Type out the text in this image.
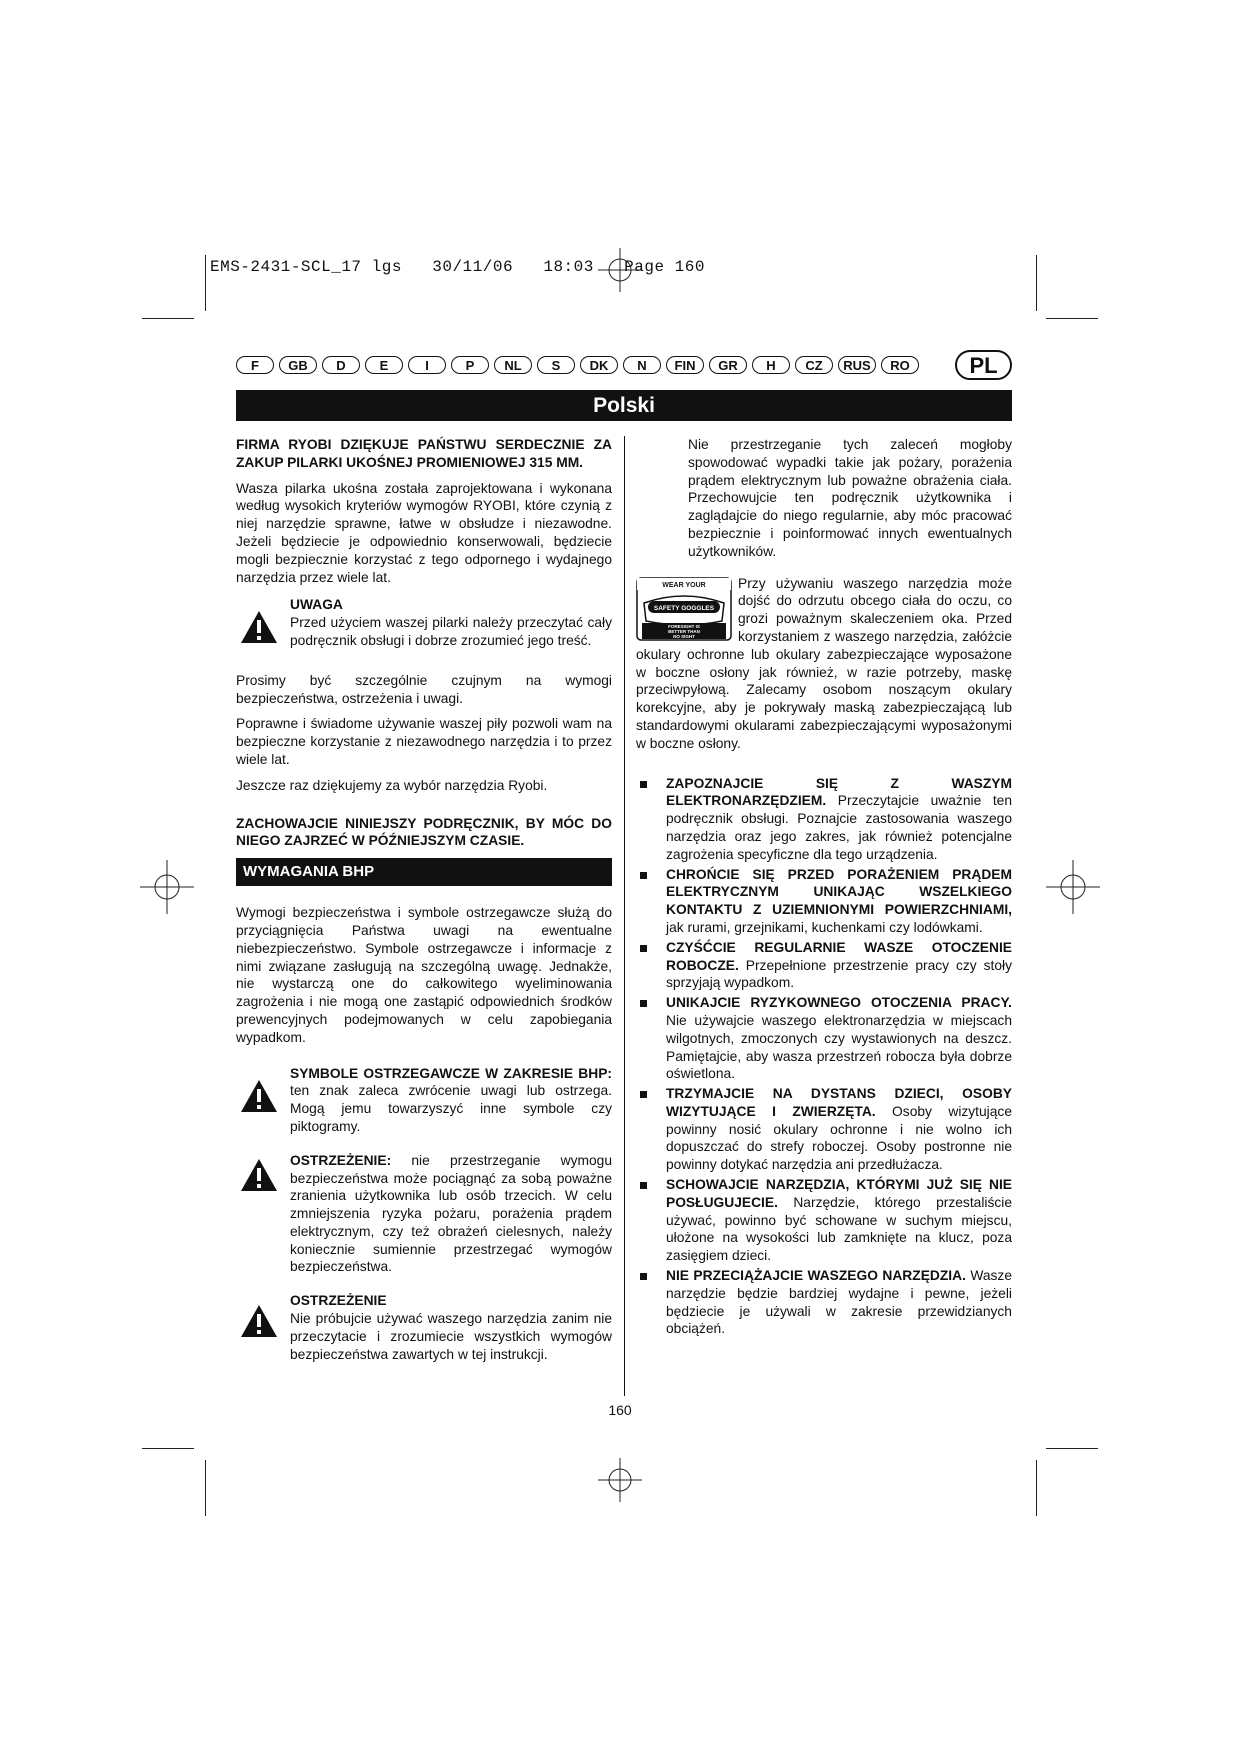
EMS-2431-SCL_17 lgs   30/11/06   18:03   Page 160
F	GB	D	E	I	P	NL	S	DK	N	FIN	GR	H	CZ	RUS	RO	PL
Polski

FIRMA RYOBI DZIĘKUJE PAŃSTWU SERDECZNIE ZA ZAKUP PILARKI UKOŚNEJ PROMIENIOWEJ 315 MM.

Wasza pilarka ukośna została zaprojektowana i wykonana według wysokich kryteriów wymogów RYOBI, które czynią z niej narzędzie sprawne, łatwe w obsłudze i niezawodne. Jeżeli będziecie je odpowiednio konserwowali, będziecie mogli bezpiecznie korzystać z tego odpornego i wydajnego narzędzia przez wiele lat.

UWAGA
Przed użyciem waszej pilarki należy przeczytać cały podręcznik obsługi i dobrze zrozumieć jego treść.

Prosimy być szczególnie czujnym na wymogi bezpieczeństwa, ostrzeżenia i uwagi.

Poprawne i świadome używanie waszej piły pozwoli wam na bezpieczne korzystanie z niezawodnego narzędzia i to przez wiele lat.

Jeszcze raz dziękujemy za wybór narzędzia Ryobi.

ZACHOWAJCIE NINIEJSZY PODRĘCZNIK, BY MÓC DO NIEGO ZAJRZEĆ W PÓŹNIEJSZYM CZASIE.

WYMAGANIA BHP

Wymogi bezpieczeństwa i symbole ostrzegawcze służą do przyciągnięcia Państwa uwagi na ewentualne niebezpieczeństwo. Symbole ostrzegawcze i informacje z nimi związane zasługują na szczególną uwagę. Jednakże, nie wystarczą one do całkowitego wyeliminowania zagrożenia i nie mogą one zastąpić odpowiednich środków prewencyjnych podejmowanych w celu zapobiegania wypadkom.

SYMBOLE OSTRZEGAWCZE W ZAKRESIE BHP: ten znak zaleca zwrócenie uwagi lub ostrzega. Mogą jemu towarzyszyć inne symbole czy piktogramy.
OSTRZEŻENIE: nie przestrzeganie wymogu bezpieczeństwa może pociągnąć za sobą poważne zranienia użytkownika lub osób trzecich. W celu zmniejszenia ryzyka pożaru, porażenia prądem elektrycznym, czy też obrażeń cielesnych, należy koniecznie sumiennie przestrzegać wymogów bezpieczeństwa.
OSTRZEŻENIE
Nie próbujcie używać waszego narzędzia zanim nie przeczytacie i zrozumiecie wszystkich wymogów bezpieczeństwa zawartych w tej instrukcji.

Nie przestrzeganie tych zaleceń mogłoby spowodować wypadki takie jak pożary, porażenia prądem elektrycznym lub poważne obrażenia ciała. Przechowujcie ten podręcznik użytkownika i zaglądajcie do niego regularnie, aby móc pracować bezpiecznie i poinformować innych ewentualnych użytkowników.

WEAR YOUR
SAFETY GOGGLES
FORESIGHT IS
BETTER THAN
NO SIGHT
Przy używaniu waszego narzędzia może dojść do odrzutu obcego ciała do oczu, co grozi poważnym skaleczeniem oka. Przed korzystaniem z waszego narzędzia, załóżcie okulary ochronne lub okulary zabezpieczające wyposażone w boczne osłony jak również, w razie potrzeby, maskę przeciwpyłową. Zalecamy osobom noszącym okulary korekcyjne, aby je pokrywały maską zabezpieczającą lub standardowymi okularami zabezpieczającymi wyposażonymi w boczne osłony.
ZAPOZNAJCIE SIĘ Z WASZYM ELEKTRONARZĘDZIEM. Przeczytajcie uważnie ten podręcznik obsługi. Poznajcie zastosowania waszego narzędzia oraz jego zakres, jak również potencjalne zagrożenia specyficzne dla tego urządzenia.
CHROŃCIE SIĘ PRZED PORAŻENIEM PRĄDEM ELEKTRYCZNYM UNIKAJĄC WSZELKIEGO KONTAKTU Z UZIEMNIONYMI POWIERZCHNIAMI, jak rurami, grzejnikami, kuchenkami czy lodówkami.
CZYŚĆCIE REGULARNIE WASZE OTOCZENIE ROBOCZE. Przepełnione przestrzenie pracy czy stoły sprzyjają wypadkom.
UNIKAJCIE RYZYKOWNEGO OTOCZENIA PRACY. Nie używajcie waszego elektronarzędzia w miejscach wilgotnych, zmoczonych czy wystawionych na deszcz. Pamiętajcie, aby wasza przestrzeń robocza była dobrze oświetlona.
TRZYMAJCIE NA DYSTANS DZIECI, OSOBY WIZYTUJĄCE I ZWIERZĘTA. Osoby wizytujące powinny nosić okulary ochronne i nie wolno ich dopuszczać do strefy roboczej. Osoby postronne nie powinny dotykać narzędzia ani przedłużacza.
SCHOWAJCIE NARZĘDZIA, KTÓRYMI JUŻ SIĘ NIE POSŁUGUJECIE. Narzędzie, którego przestaliście używać, powinno być schowane w suchym miejscu, ułożone na wysokości lub zamknięte na klucz, poza zasięgiem dzieci.
NIE PRZECIĄŻAJCIE WASZEGO NARZĘDZIA. Wasze narzędzie będzie bardziej wydajne i pewne, jeżeli będziecie je używali w zakresie przewidzianych obciążeń.
160
